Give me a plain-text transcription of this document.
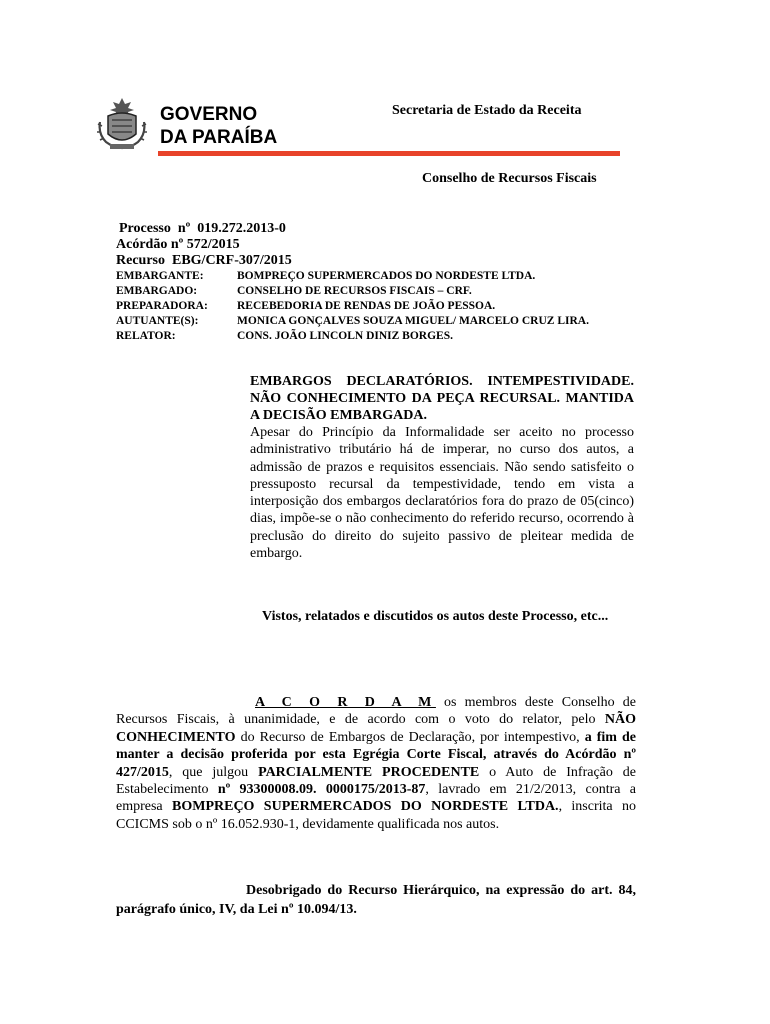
GOVERNO
DA PARAÍBA
Secretaria de Estado da Receita
Conselho de Recursos Fiscais
Processo  nº  019.272.2013-0
Acórdão nº 572/2015
Recurso  EBG/CRF-307/2015
EMBARGANTE:	BOMPREÇO SUPERMERCADOS DO NORDESTE LTDA.
EMBARGADO:	CONSELHO DE RECURSOS FISCAIS – CRF.
PREPARADORA:	RECEBEDORIA DE RENDAS DE JOÃO PESSOA.
AUTUANTE(S):	MONICA GONÇALVES SOUZA MIGUEL/ MARCELO CRUZ LIRA.
RELATOR:	CONS. JOÃO LINCOLN DINIZ BORGES.

EMBARGOS DECLARATÓRIOS. INTEMPESTIVIDADE.

NÃO CONHECIMENTO DA PEÇA RECURSAL. MANTIDA A DECISÃO EMBARGADA.

Apesar do Princípio da Informalidade ser aceito no processo administrativo tributário há de imperar, no curso dos autos, a admissão de prazos e requisitos essenciais. Não sendo satisfeito o pressuposto recursal da tempestividade, tendo em vista a interposição dos embargos declaratórios fora do prazo de 05(cinco) dias, impõe-se o não conhecimento do referido recurso, ocorrendo à preclusão do direito do sujeito passivo de pleitear medida de embargo.

Vistos, relatados e discutidos os autos deste Processo, etc...

A C O R D A M os membros deste Conselho de Recursos Fiscais, à unanimidade, e de acordo com o voto do relator, pelo NÃO CONHECIMENTO do Recurso de Embargos de Declaração, por intempestivo, a fim de manter a decisão proferida por esta Egrégia Corte Fiscal, através do Acórdão nº 427/2015, que julgou PARCIALMENTE PROCEDENTE o Auto de Infração de Estabelecimento nº 93300008.09. 0000175/2013-87, lavrado em 21/2/2013, contra a empresa BOMPREÇO SUPERMERCADOS DO NORDESTE LTDA., inscrita no CCICMS sob o nº 16.052.930-1, devidamente qualificada nos autos.

Desobrigado do Recurso Hierárquico, na expressão do art. 84, parágrafo único, IV, da Lei nº 10.094/13.
